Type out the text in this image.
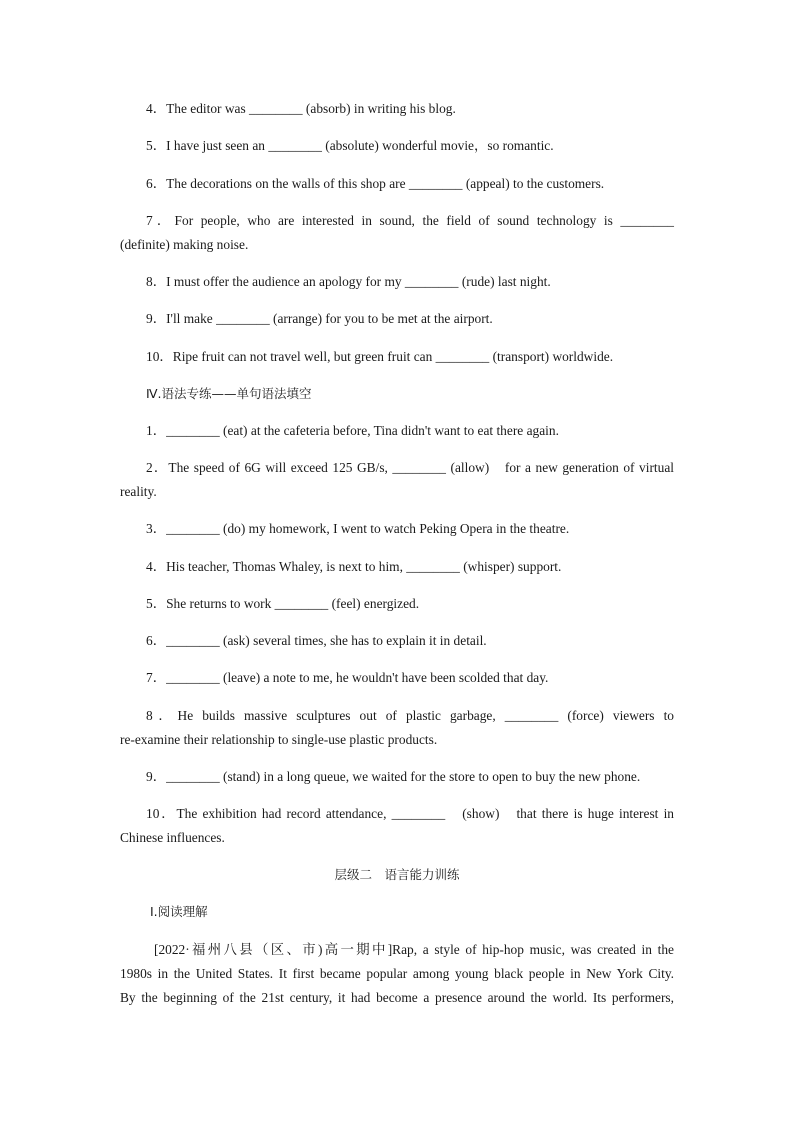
4．The editor was ________ (absorb) in writing his blog.
5．I have just seen an ________ (absolute) wonderful movie，so romantic.
6．The decorations on the walls of this shop are ________ (appeal) to the customers.
7．For people, who are interested in sound, the field of sound technology is ________
(definite) making noise.
8．I must offer the audience an apology for my ________ (rude) last night.
9．I'll make ________ (arrange) for you to be met at the airport.
10．Ripe fruit can not travel well, but green fruit can ________ (transport) worldwide.
Ⅳ.语法专练——单句语法填空
1．________ (eat) at the cafeteria before, Tina didn't want to eat there again.
2．The speed of 6G will exceed 125 GB/s, ________ (allow)　for a new generation of virtual
reality.
3．________ (do) my homework, I went to watch Peking Opera in the theatre.
4．His teacher, Thomas Whaley, is next to him, ________ (whisper) support.
5．She returns to work ________ (feel) energized.
6．________ (ask) several times, she has to explain it in detail.
7．________ (leave) a note to me, he wouldn't have been scolded that day.
8．He builds massive sculptures out of plastic garbage, ________ (force) viewers to
re-examine their relationship to single-use plastic products.
9．________ (stand) in a long queue, we waited for the store to open to buy the new phone.
10．The exhibition had record attendance, ________　(show)　that there is huge interest in
Chinese influences.
层级二　语言能力训练
Ⅰ.阅读理解
[2022·福州八县（区、市)高一期中]Rap, a style of hip-hop music, was created in the
1980s in the United States. It first became popular among young black people in New York City.
By the beginning of the 21st century, it had become a presence around the world. Its performers,
